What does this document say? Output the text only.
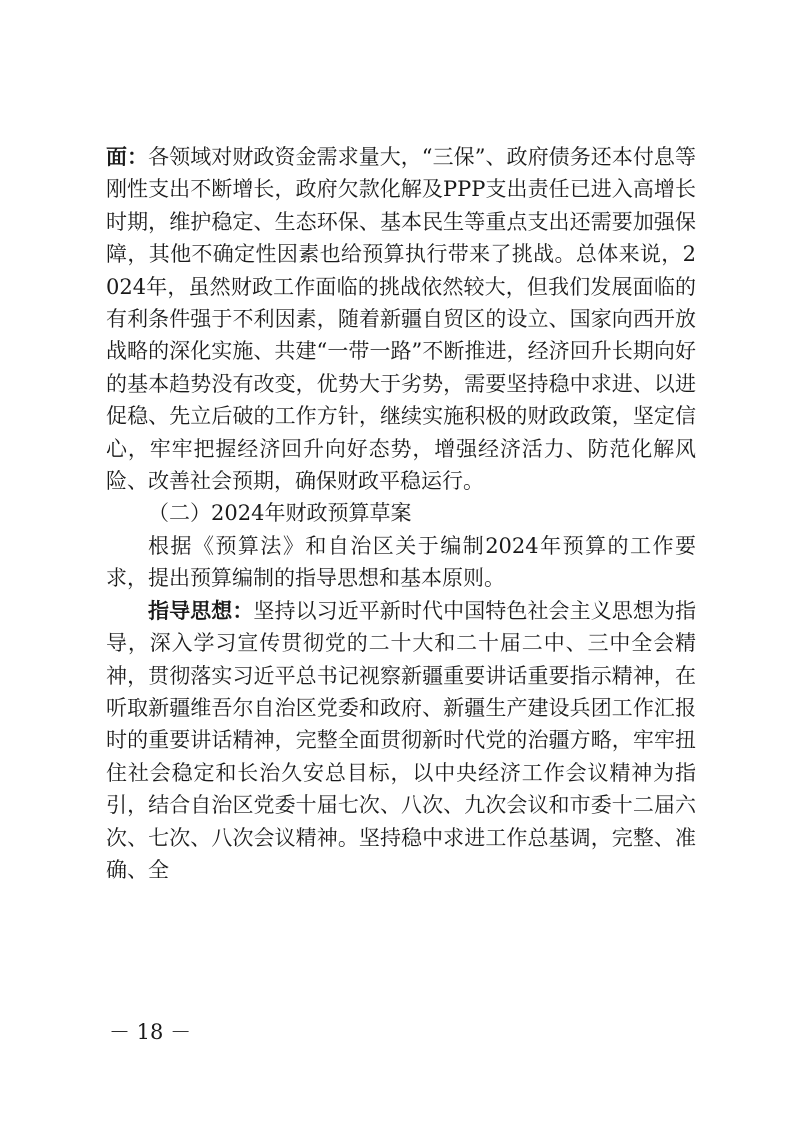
面：各领域对财政资金需求量大，“三保”、政府债务还本付息等刚性支出不断增长，政府欠款化解及PPP支出责任已进入高增长时期，维护稳定、生态环保、基本民生等重点支出还需要加强保障，其他不确定性因素也给预算执行带来了挑战。总体来说，2024年，虽然财政工作面临的挑战依然较大，但我们发展面临的有利条件强于不利因素，随着新疆自贸区的设立、国家向西开放战略的深化实施、共建“一带一路”不断推进，经济回升长期向好的基本趋势没有改变，优势大于劣势，需要坚持稳中求进、以进促稳、先立后破的工作方针，继续实施积极的财政政策，坚定信心，牢牢把握经济回升向好态势，增强经济活力、防范化解风险、改善社会预期，确保财政平稳运行。

（二）2024年财政预算草案

根据《预算法》和自治区关于编制2024年预算的工作要求，提出预算编制的指导思想和基本原则。

指导思想：坚持以习近平新时代中国特色社会主义思想为指导，深入学习宣传贯彻党的二十大和二十届二中、三中全会精神，贯彻落实习近平总书记视察新疆重要讲话重要指示精神，在听取新疆维吾尔自治区党委和政府、新疆生产建设兵团工作汇报时的重要讲话精神，完整全面贯彻新时代党的治疆方略，牢牢扭住社会稳定和长治久安总目标，以中央经济工作会议精神为指引，结合自治区党委十届七次、八次、九次会议和市委十二届六次、七次、八次会议精神。坚持稳中求进工作总基调，完整、准确、全

－ 18 －
